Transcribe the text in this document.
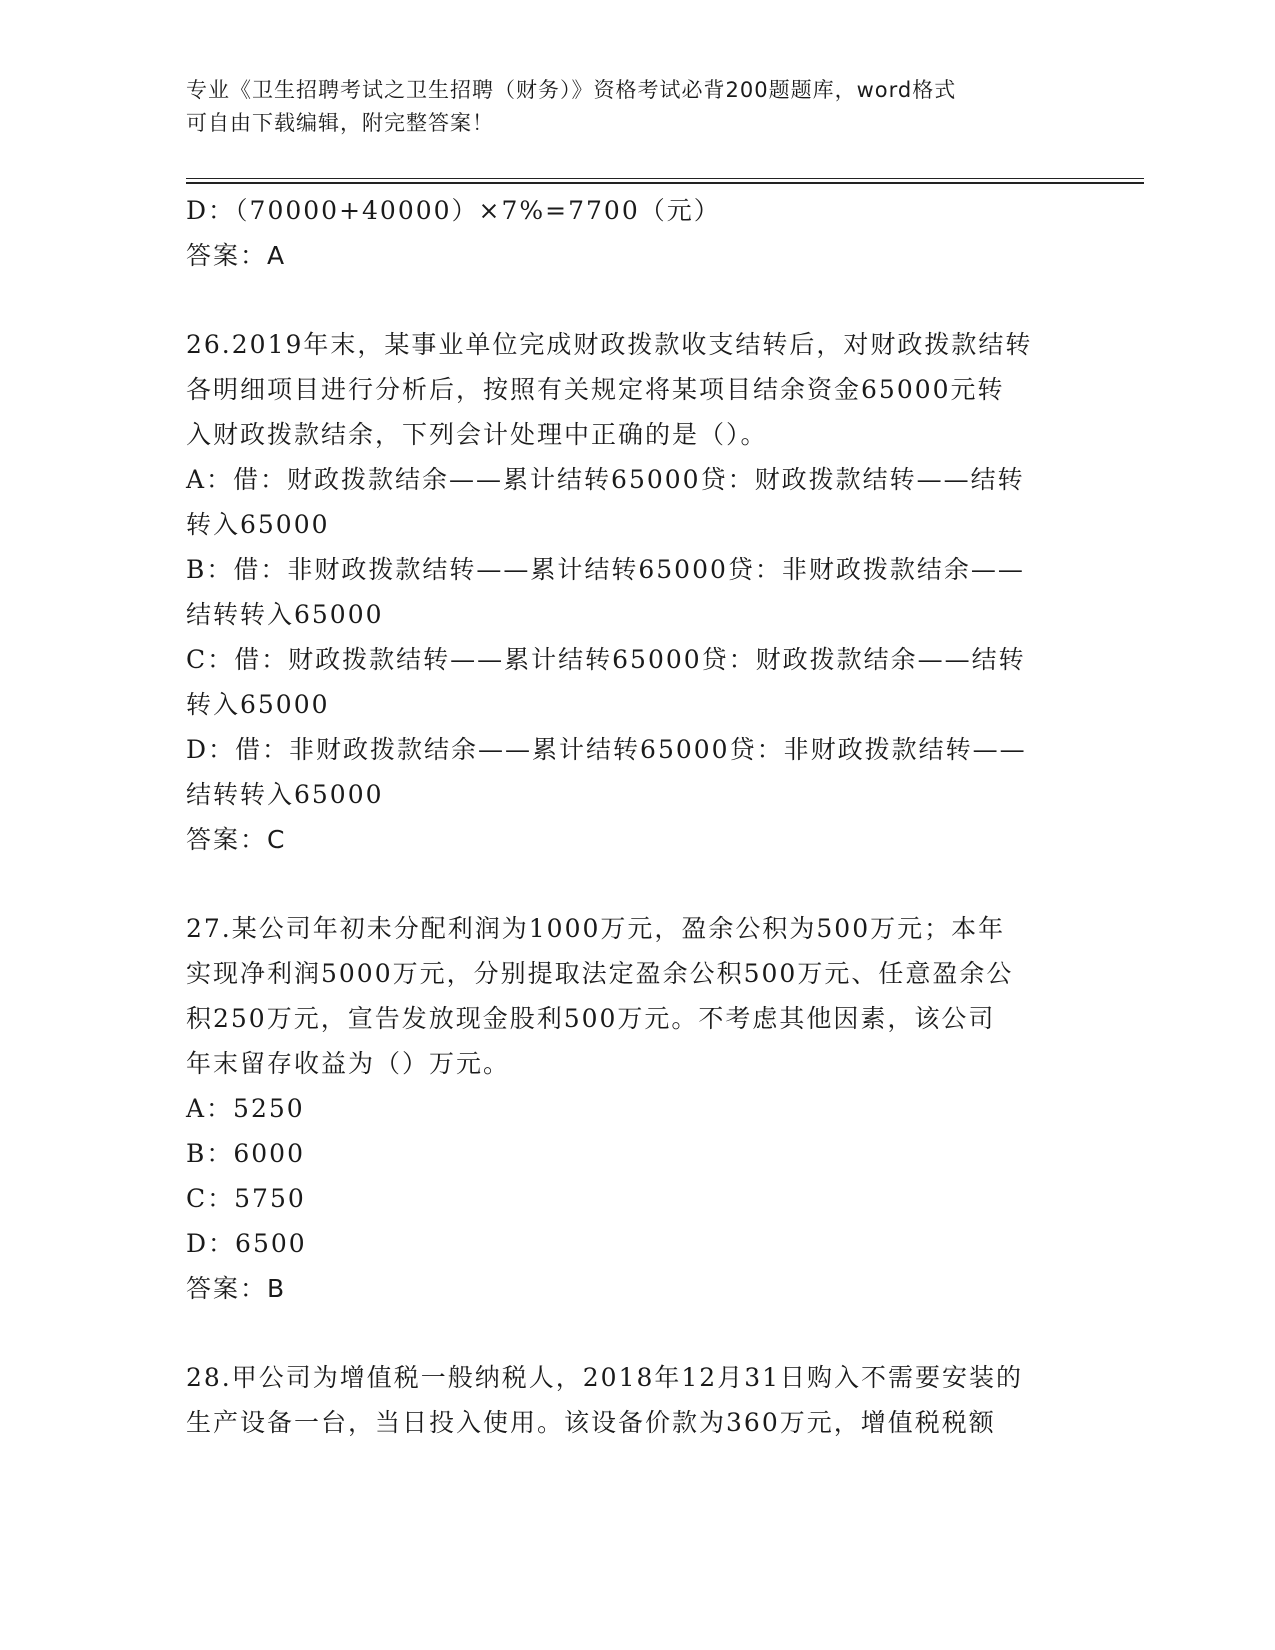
专业《卫生招聘考试之卫生招聘（财务）》资格考试必背200题题库，word格式
可自由下载编辑，附完整答案！
D：（70000+40000）×7%=7700（元）
答案：A
26.2019年末，某事业单位完成财政拨款收支结转后，对财政拨款结转
各明细项目进行分析后，按照有关规定将某项目结余资金65000元转
入财政拨款结余，下列会计处理中正确的是（）。
A：借：财政拨款结余——累计结转65000贷：财政拨款结转——结转
转入65000
B：借：非财政拨款结转——累计结转65000贷：非财政拨款结余——
结转转入65000
C：借：财政拨款结转——累计结转65000贷：财政拨款结余——结转
转入65000
D：借：非财政拨款结余——累计结转65000贷：非财政拨款结转——
结转转入65000
答案：C
27.某公司年初未分配利润为1000万元，盈余公积为500万元；本年
实现净利润5000万元，分别提取法定盈余公积500万元、任意盈余公
积250万元，宣告发放现金股利500万元。不考虑其他因素，该公司
年末留存收益为（）万元。
A：5250
B：6000
C：5750
D：6500
答案：B
28.甲公司为增值税一般纳税人，2018年12月31日购入不需要安装的
生产设备一台，当日投入使用。该设备价款为360万元，增值税税额
